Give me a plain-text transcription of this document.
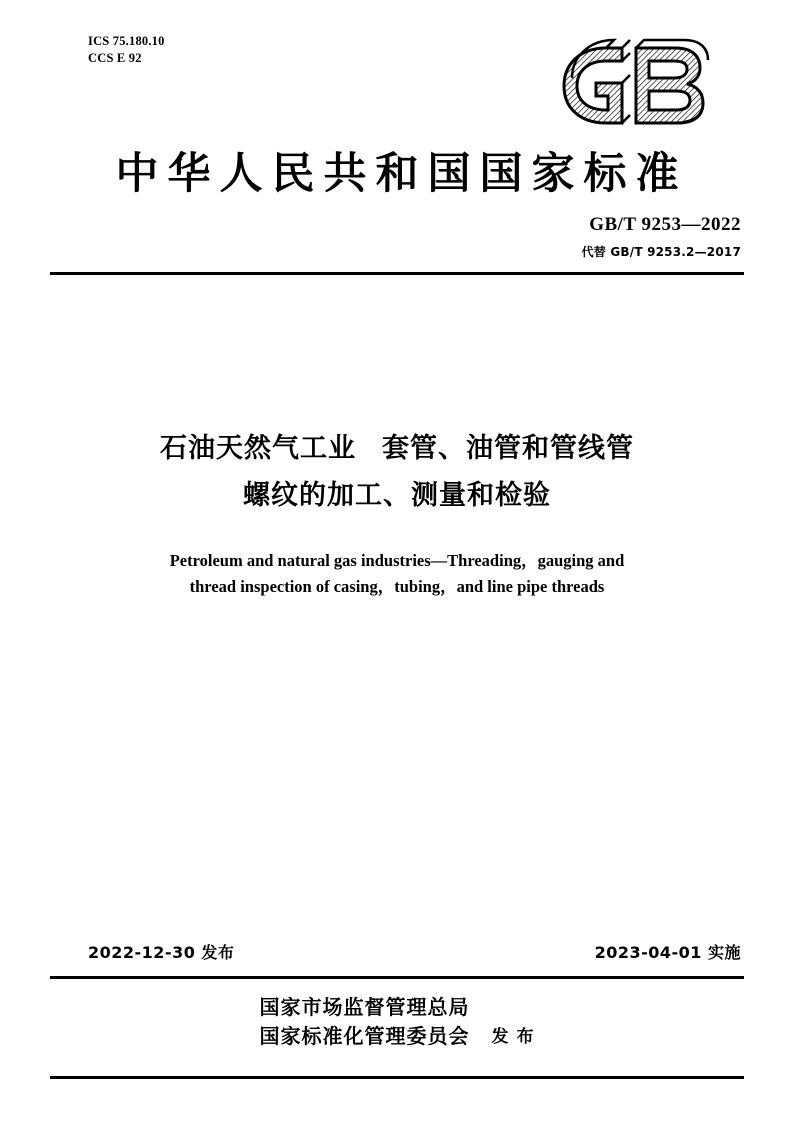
ICS 75.180.10
CCS E 92
中华人民共和国国家标准
GB/T 9253—2022
代替 GB/T 9253.2—2017
石油天然气工业 套管、油管和管线管
螺纹的加工、测量和检验
Petroleum and natural gas industries—Threading，gauging and
thread inspection of casing，tubing，and line pipe threads
2022-12-30 发布	2023-04-01 实施
国家市场监督管理总局
国家标准化管理委员会 发 布
